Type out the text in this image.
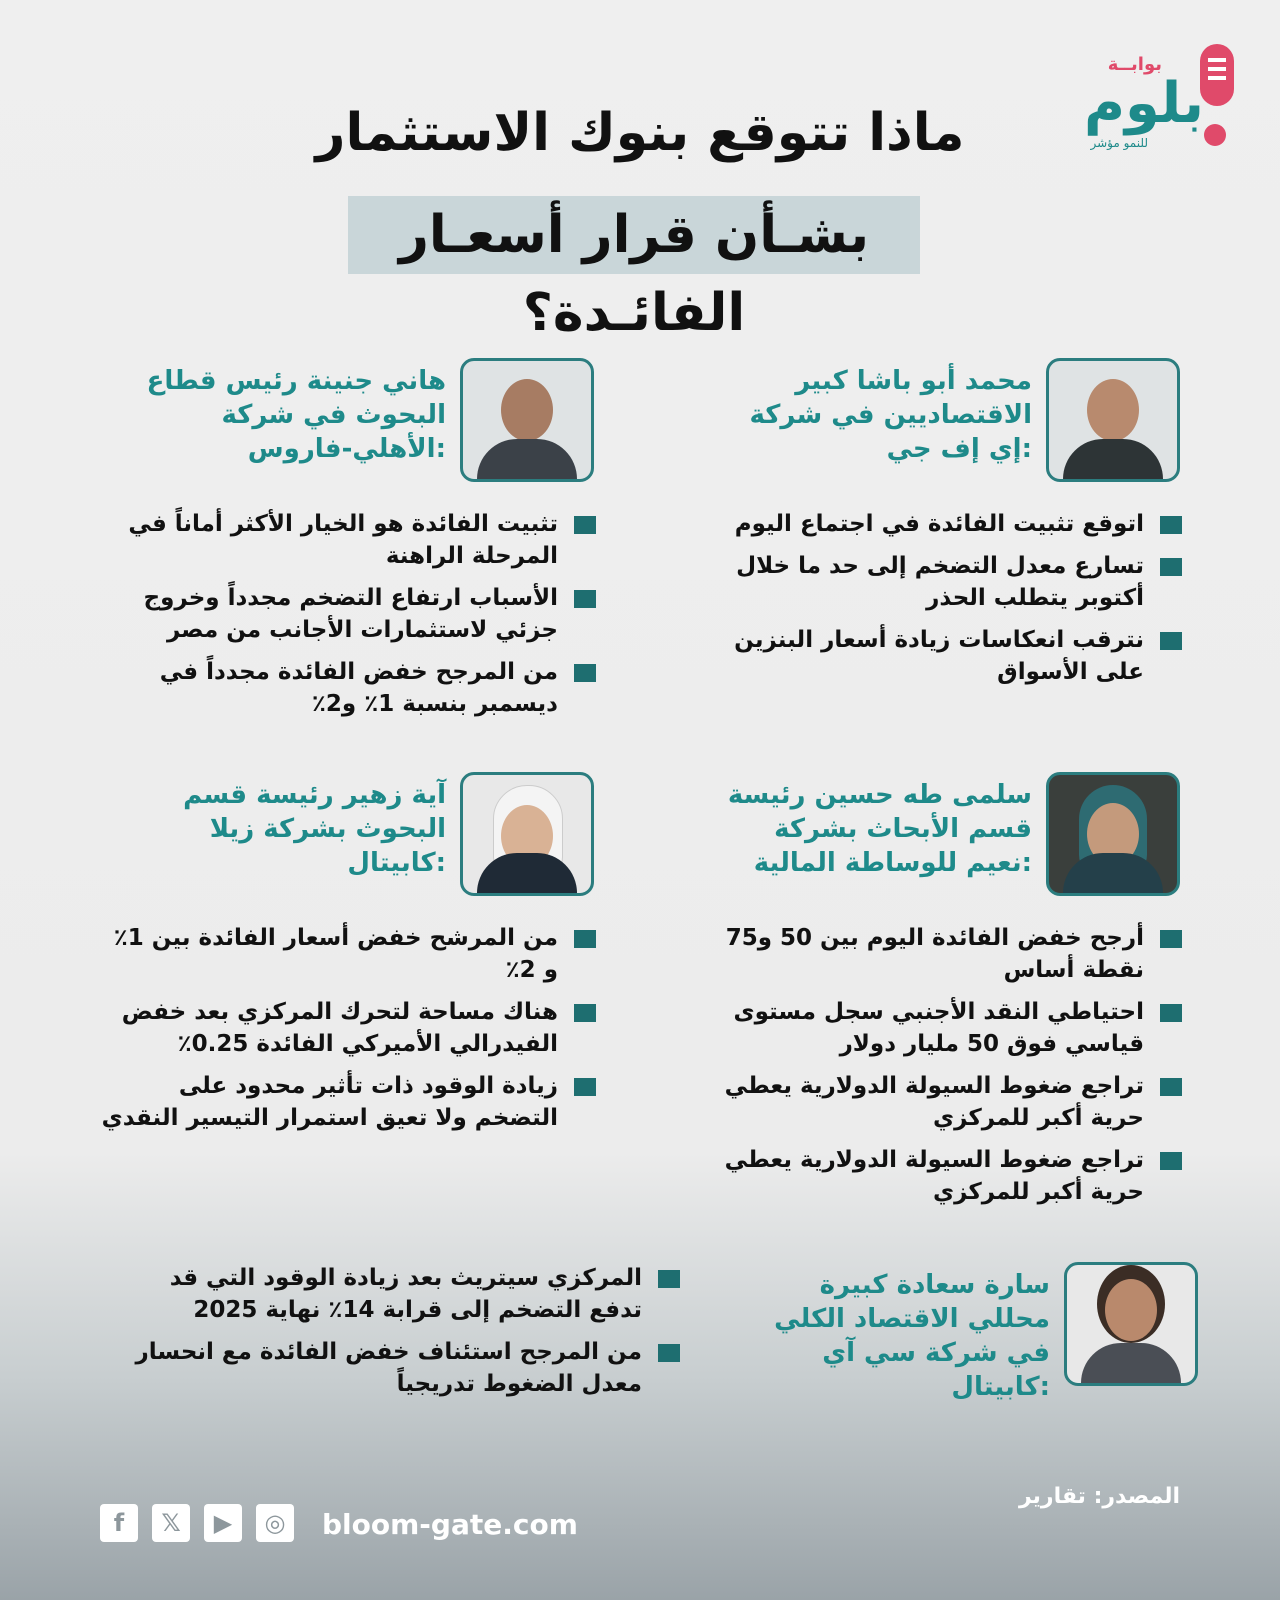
بوابــة
بلوم
للنمو مؤشر
ماذا تتوقع بنوك الاستثمار
بشـأن قرار أسعـار الفائـدة؟
محمد أبو باشا كبير الاقتصاديين في شركة إي إف جي:
اتوقع تثبيت الفائدة في اجتماع اليوم
تسارع معدل التضخم إلى حد ما خلال أكتوبر يتطلب الحذر
نترقب انعكاسات زيادة أسعار البنزين على الأسواق
هاني جنينة رئيس قطاع البحوث في شركة الأهلي-فاروس:
تثبيت الفائدة هو الخيار الأكثر أماناً في المرحلة الراهنة
الأسباب ارتفاع التضخم مجدداً وخروج جزئي لاستثمارات الأجانب من مصر
من المرجح خفض الفائدة مجدداً في ديسمبر بنسبة 1٪ و2٪
سلمى طه حسين رئيسة قسم الأبحاث بشركة نعيم للوساطة المالية:
أرجح خفض الفائدة اليوم بين 50 و75 نقطة أساس
احتياطي النقد الأجنبي سجل مستوى قياسي فوق 50 مليار دولار
تراجع ضغوط السيولة الدولارية يعطي حرية أكبر للمركزي
تراجع ضغوط السيولة الدولارية يعطي حرية أكبر للمركزي
آية زهير رئيسة قسم البحوث بشركة زيلا كابيتال:
من المرشح خفض أسعار الفائدة بين 1٪ و 2٪
هناك مساحة لتحرك المركزي بعد خفض الفيدرالي الأميركي الفائدة 0.25٪
زيادة الوقود ذات تأثير محدود على التضخم ولا تعيق استمرار التيسير النقدي
سارة سعادة كبيرة محللي الاقتصاد الكلي في شركة سي آي كابيتال:
المركزي سيتريث بعد زيادة الوقود التي قد تدفع التضخم إلى قرابة 14٪ نهاية 2025
من المرجح استئناف خفض الفائدة مع انحسار معدل الضغوط تدريجياً
المصدر: تقارير
bloom-gate.com
f	𝕏	▶	◎
